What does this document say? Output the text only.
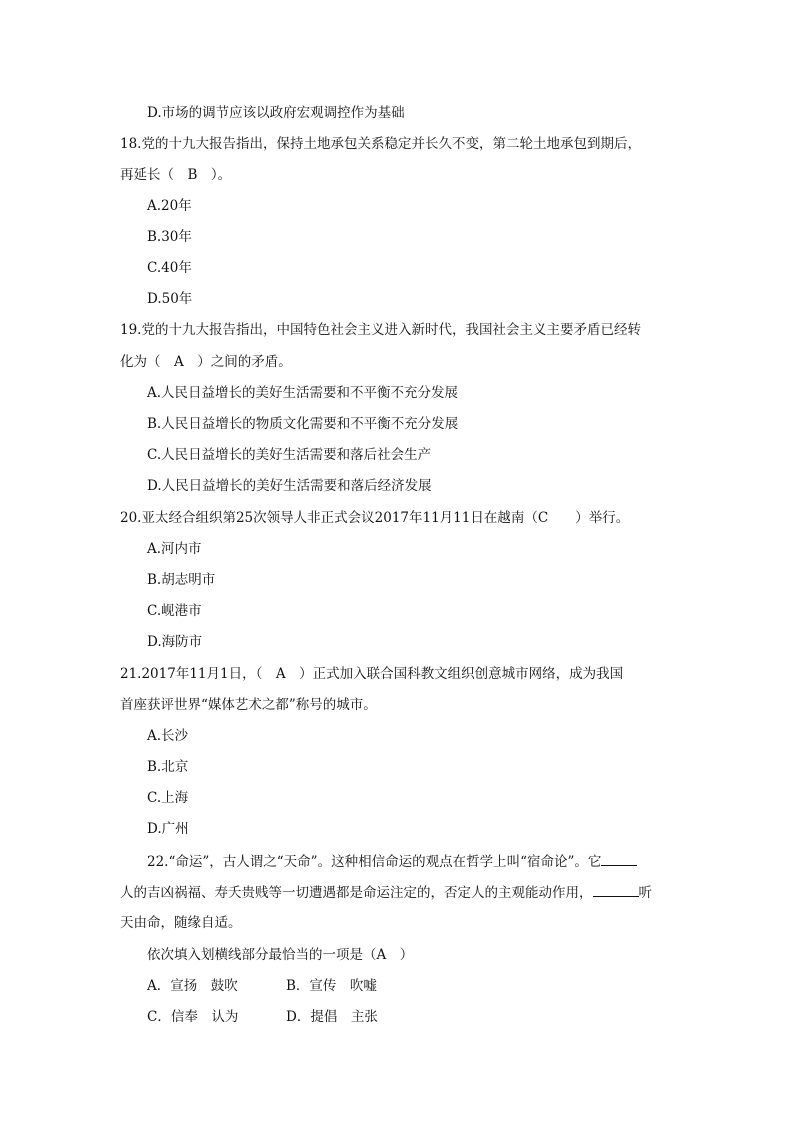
D.市场的调节应该以政府宏观调控作为基础
18.党的十九大报告指出，保持土地承包关系稳定并长久不变，第二轮土地承包到期后，
再延长（　B　）。
A.20年
B.30年
C.40年
D.50年
19.党的十九大报告指出，中国特色社会主义进入新时代，我国社会主义主要矛盾已经转
化为（　A　）之间的矛盾。
A.人民日益增长的美好生活需要和不平衡不充分发展
B.人民日益增长的物质文化需要和不平衡不充分发展
C.人民日益增长的美好生活需要和落后社会生产
D.人民日益增长的美好生活需要和落后经济发展
20.亚太经合组织第25次领导人非正式会议2017年11月11日在越南（C　　）举行。
A.河内市
B.胡志明市
C.岘港市
D.海防市
21.2017年11月1日，（　A　）正式加入联合国科教文组织创意城市网络，成为我国
首座获评世界“媒体艺术之都”称号的城市。
A.长沙
B.北京
C.上海
D.广州
22.“命运”，古人谓之“天命”。这种相信命运的观点在哲学上叫“宿命论”。它
人的吉凶祸福、寿夭贵贱等一切遭遇都是命运注定的，否定人的主观能动作用，	听
天由命，随缘自适。
依次填入划横线部分最恰当的一项是（A　）
A．宣扬　鼓吹	B．宣传　吹嘘
C．信奉　认为	D．提倡　主张
